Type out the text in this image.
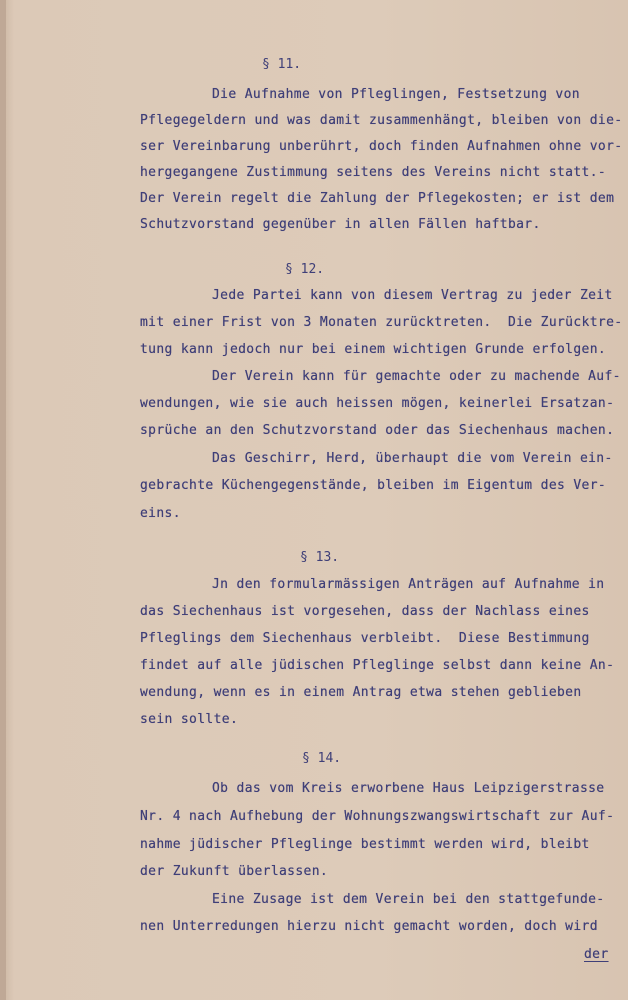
§ 11.
Die Aufnahme von Pfleglingen, Festsetzung von
Pflegegeldern und was damit zusammenhängt, bleiben von die-
ser Vereinbarung unberührt, doch finden Aufnahmen ohne vor-
hergegangene Zustimmung seitens des Vereins nicht statt.-
Der Verein regelt die Zahlung der Pflegekosten; er ist dem
Schutzvorstand gegenüber in allen Fällen haftbar.
§ 12.
Jede Partei kann von diesem Vertrag zu jeder Zeit
mit einer Frist von 3 Monaten zurücktreten.  Die Zurücktre-
tung kann jedoch nur bei einem wichtigen Grunde erfolgen.
Der Verein kann für gemachte oder zu machende Auf-
wendungen, wie sie auch heissen mögen, keinerlei Ersatzan-
sprüche an den Schutzvorstand oder das Siechenhaus machen.
Das Geschirr, Herd, überhaupt die vom Verein ein-
gebrachte Küchengegenstände, bleiben im Eigentum des Ver-
eins.
§ 13.
Jn den formularmässigen Anträgen auf Aufnahme in
das Siechenhaus ist vorgesehen, dass der Nachlass eines
Pfleglings dem Siechenhaus verbleibt.  Diese Bestimmung
findet auf alle jüdischen Pfleglinge selbst dann keine An-
wendung, wenn es in einem Antrag etwa stehen geblieben
sein sollte.
§ 14.
Ob das vom Kreis erworbene Haus Leipzigerstrasse
Nr. 4 nach Aufhebung der Wohnungszwangswirtschaft zur Auf-
nahme jüdischer Pfleglinge bestimmt werden wird, bleibt
der Zukunft überlassen.
Eine Zusage ist dem Verein bei den stattgefunde-
nen Unterredungen hierzu nicht gemacht worden, doch wird
der
